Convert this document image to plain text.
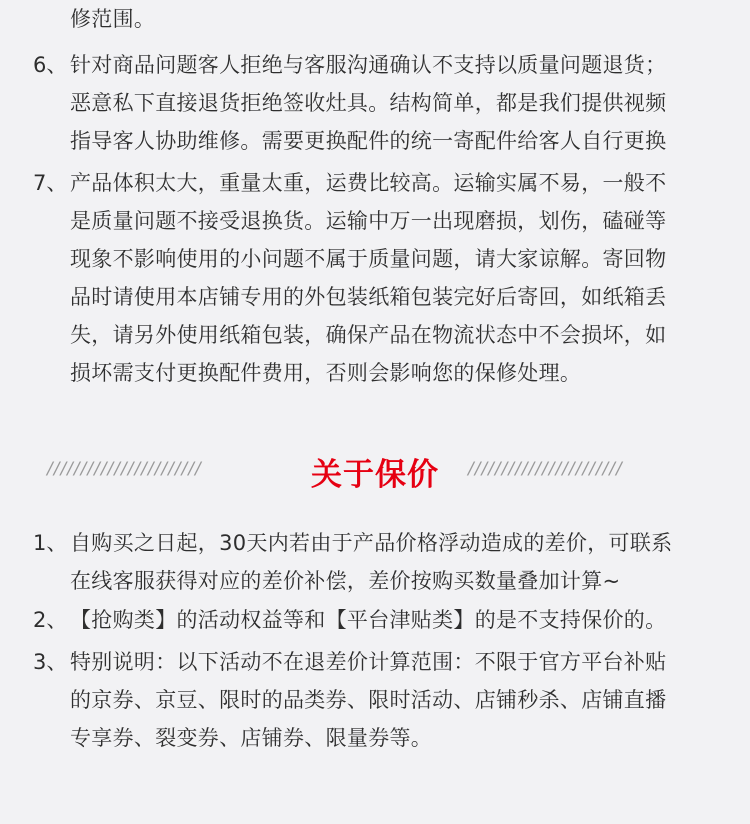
修范围。
6、 针对商品问题客人拒绝与客服沟通确认不支持以质量问题退货；
恶意私下直接退货拒绝签收灶具。结构简单，都是我们提供视频
指导客人协助维修。需要更换配件的统一寄配件给客人自行更换
7、 产品体积太大，重量太重，运费比较高。运输实属不易，一般不
是质量问题不接受退换货。运输中万一出现磨损，划伤，磕碰等
现象不影响使用的小问题不属于质量问题，请大家谅解。寄回物
品时请使用本店铺专用的外包装纸箱包装完好后寄回，如纸箱丢
失，请另外使用纸箱包装，确保产品在物流状态中不会损坏，如
损坏需支付更换配件费用，否则会影响您的保修处理。
///////////////////////	关于保价	///////////////////////
1、 自购买之日起，30天内若由于产品价格浮动造成的差价，可联系
在线客服获得对应的差价补偿，差价按购买数量叠加计算~
2、 【抢购类】的活动权益等和【平台津贴类】的是不支持保价的。
3、 特别说明：以下活动不在退差价计算范围：不限于官方平台补贴
的京券、京豆、限时的品类券、限时活动、店铺秒杀、店铺直播
专享券、裂变券、店铺券、限量券等。
